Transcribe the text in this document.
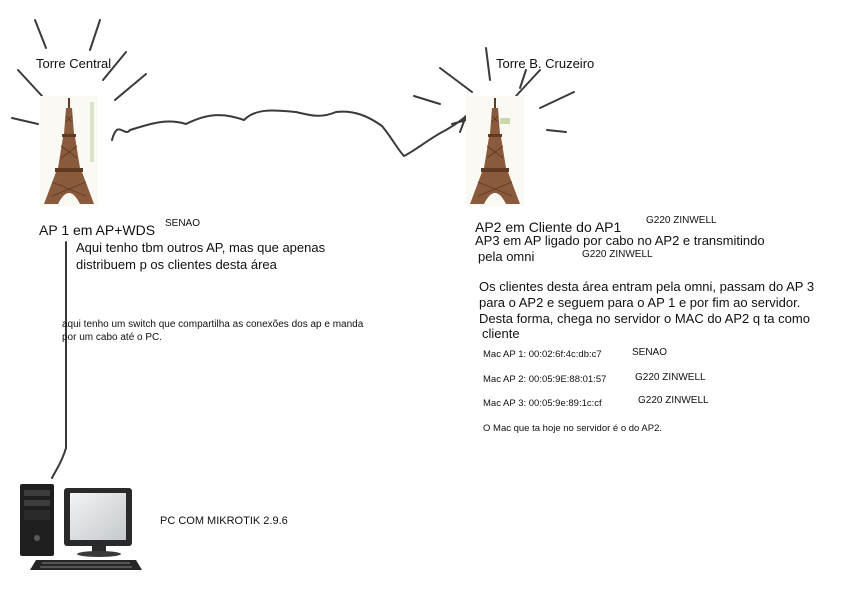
Torre Central
AP 1 em AP+WDS SENAO
Aqui tenho tbm outros AP, mas que apenas
distribuem p os clientes desta área
aqui tenho um switch que compartilha as conexões dos ap e manda
por um cabo até o PC.
PC COM MIKROTIK 2.9.6
Torre B. Cruzeiro
AP2 em Cliente do AP1 G220 ZINWELL
AP3 em AP ligado por cabo no AP2 e transmitindo
pela omni	G220 ZINWELL
Os clientes desta área entram pela omni, passam do AP 3
para o AP2 e seguem para o AP 1 e por fim ao servidor.
Desta forma, chega no servidor o MAC do AP2 q ta como
cliente
Mac AP 1: 00:02:6f:4c:db:c7	SENAO
Mac AP 2: 00:05:9E:88:01:57	G220 ZINWELL
Mac AP 3: 00:05:9e:89:1c:cf	G220 ZINWELL
O Mac que ta hoje no servidor é o do AP2.
